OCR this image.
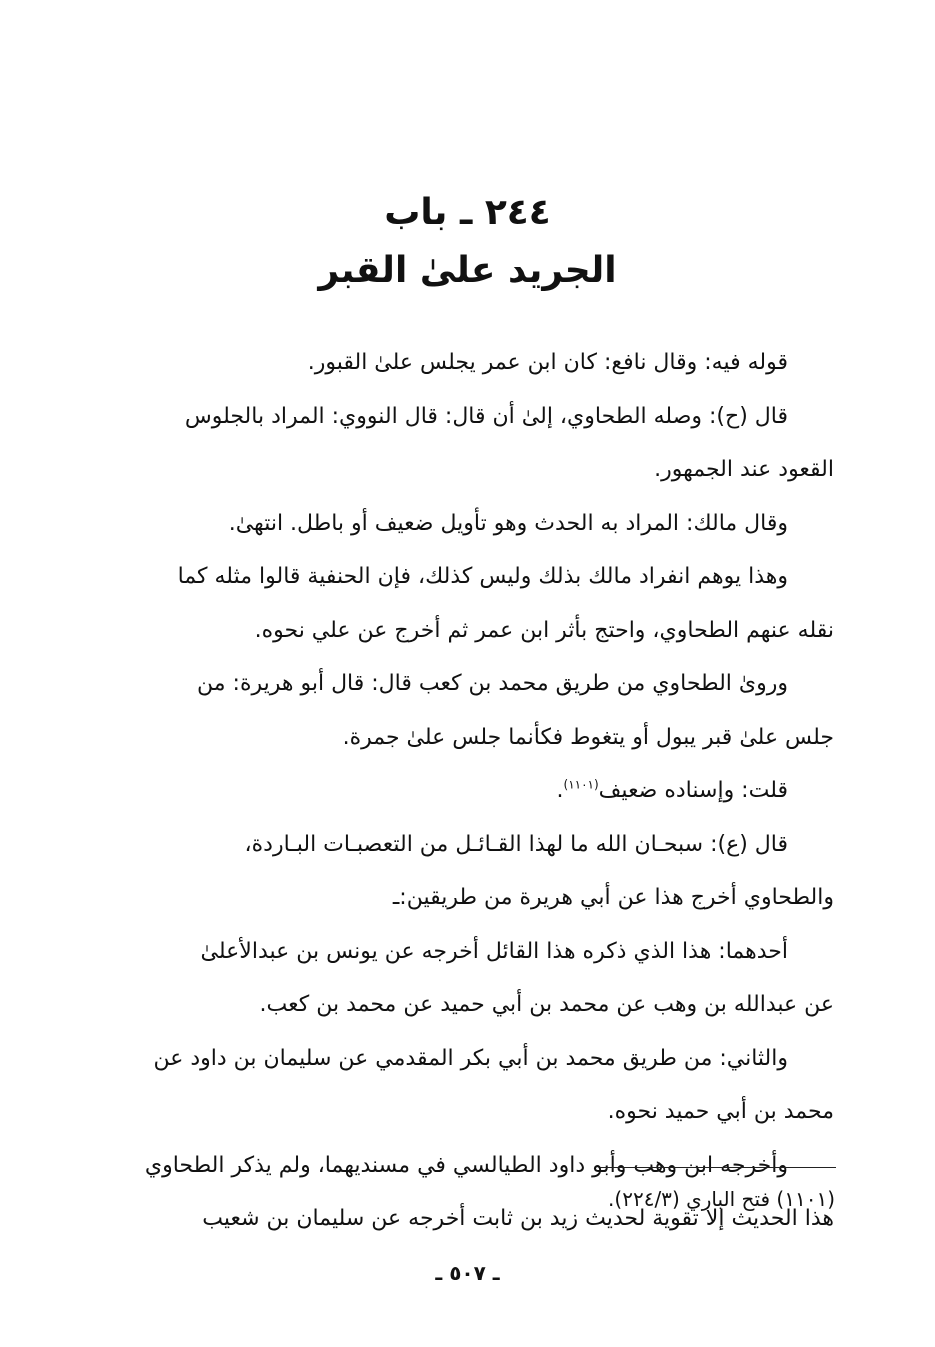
٢٤٤ ـ باب
الجريد علىٰ القبر
قوله فيه: وقال نافع: كان ابن عمر يجلس علىٰ القبور.
قال (ح): وصله الطحاوي، إلىٰ أن قال: قال النووي: المراد بالجلوس
القعود عند الجمهور.
وقال مالك: المراد به الحدث وهو تأويل ضعيف أو باطل. انتهىٰ.
وهذا يوهم انفراد مالك بذلك وليس كذلك، فإن الحنفية قالوا مثله كما
نقله عنهم الطحاوي، واحتج بأثر ابن عمر ثم أخرج عن علي نحوه.
وروىٰ الطحاوي من طريق محمد بن كعب قال: قال أبو هريرة: من
جلس علىٰ قبر يبول أو يتغوط فكأنما جلس علىٰ جمرة.
قلت: وإسناده ضعيف$^{(١١٠١)}$.
قال (ع): سبحـان الله ما لهذا القـائـل من التعصبـات البـاردة،
والطحاوي أخرج هذا عن أبي هريرة من طريقين:ـ
أحدهما: هذا الذي ذكره هذا القائل أخرجه عن يونس بن عبدالأعلىٰ
عن عبدالله بن وهب عن محمد بن أبي حميد عن محمد بن كعب.
والثاني: من طريق محمد بن أبي بكر المقدمي عن سليمان بن داود عن
محمد بن أبي حميد نحوه.
وأخرجه ابن وهب وأبو داود الطيالسي في مسنديهما، ولم يذكر الطحاوي
هذا الحديث إلا تقوية لحديث زيد بن ثابت أخرجه عن سليمان بن شعيب
(١١٠١) فتح الباري (٢٢٤/٣).
ـ ٥٠٧ ـ
